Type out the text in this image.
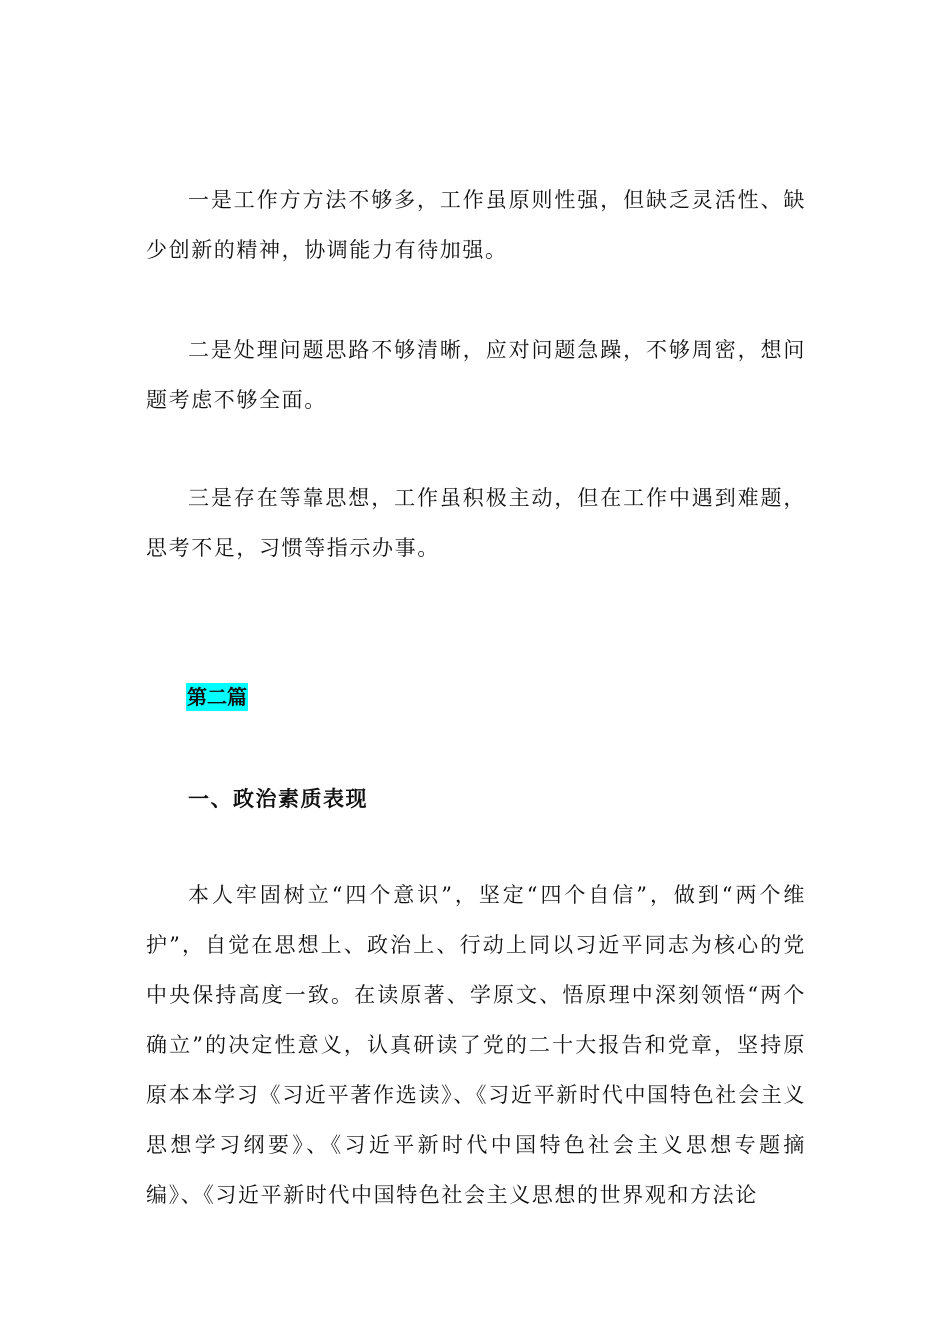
一是工作方方法不够多，工作虽原则性强，但缺乏灵活性、缺少创新的精神，协调能力有待加强。

二是处理问题思路不够清晰，应对问题急躁，不够周密，想问题考虑不够全面。

三是存在等靠思想，工作虽积极主动，但在工作中遇到难题，思考不足，习惯等指示办事。

第二篇
一、政治素质表现

本人牢固树立“四个意识”，坚定“四个自信”，做到“两个维护”，自觉在思想上、政治上、行动上同以习近平同志为核心的党中央保持高度一致。在读原著、学原文、悟原理中深刻领悟“两个确立”的决定性意义，认真研读了党的二十大报告和党章，坚持原原本本学习《习近平著作选读》、《习近平新时代中国特色社会主义思想学习纲要》、《习近平新时代中国特色社会主义思想专题摘编》、《习近平新时代中国特色社会主义思想的世界观和方法论
